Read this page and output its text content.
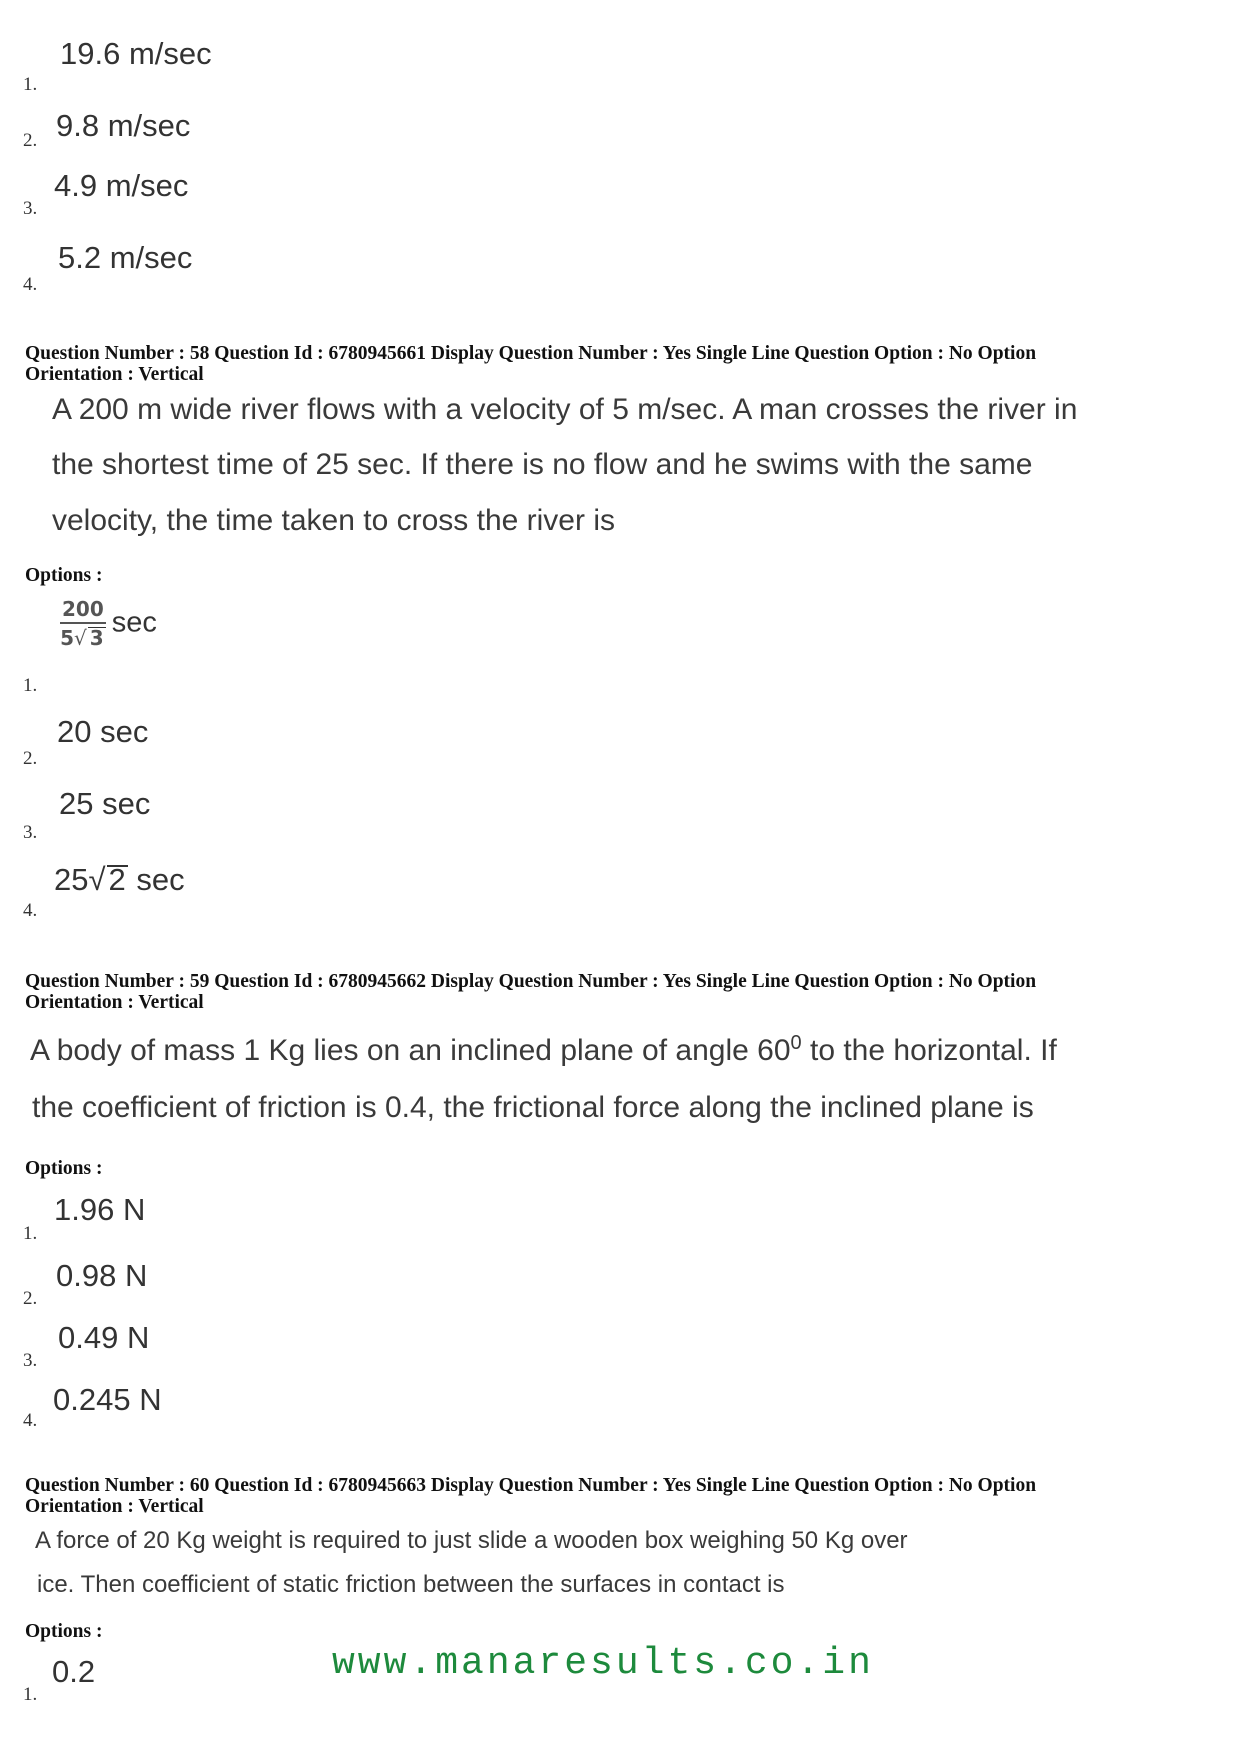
19.6 m/sec
1.
2. 9.8 m/sec
4.9 m/sec
3.
5.2 m/sec
4.
Question Number : 58 Question Id : 6780945661 Display Question Number : Yes Single Line Question Option : No Option
Orientation : Vertical
A 200 m wide river flows with a velocity of 5 m/sec. A man crosses the river in
the shortest time of 25 sec. If there is no flow and he swims with the same
velocity, the time taken to cross the river is
Options :
$\frac{200}{5√ 3}$ sec
1.
20 sec
2.
25 sec
3.
25√2 sec
4.
Question Number : 59 Question Id : 6780945662 Display Question Number : Yes Single Line Question Option : No Option
Orientation : Vertical
A body of mass 1 Kg lies on an inclined plane of angle $60^0$ to the horizontal. If
the coefficient of friction is 0.4, the frictional force along the inclined plane is
Options :
1.96 N
1.
0.98 N
2.
0.49 N
3.
0.245 N
4.
Question Number : 60 Question Id : 6780945663 Display Question Number : Yes Single Line Question Option : No Option
Orientation : Vertical
A force of 20 Kg weight is required to just slide a wooden box weighing 50 Kg over
ice. Then coefficient of static friction between the surfaces in contact is
Options :
0.2
1.
www.manaresults.co.in
